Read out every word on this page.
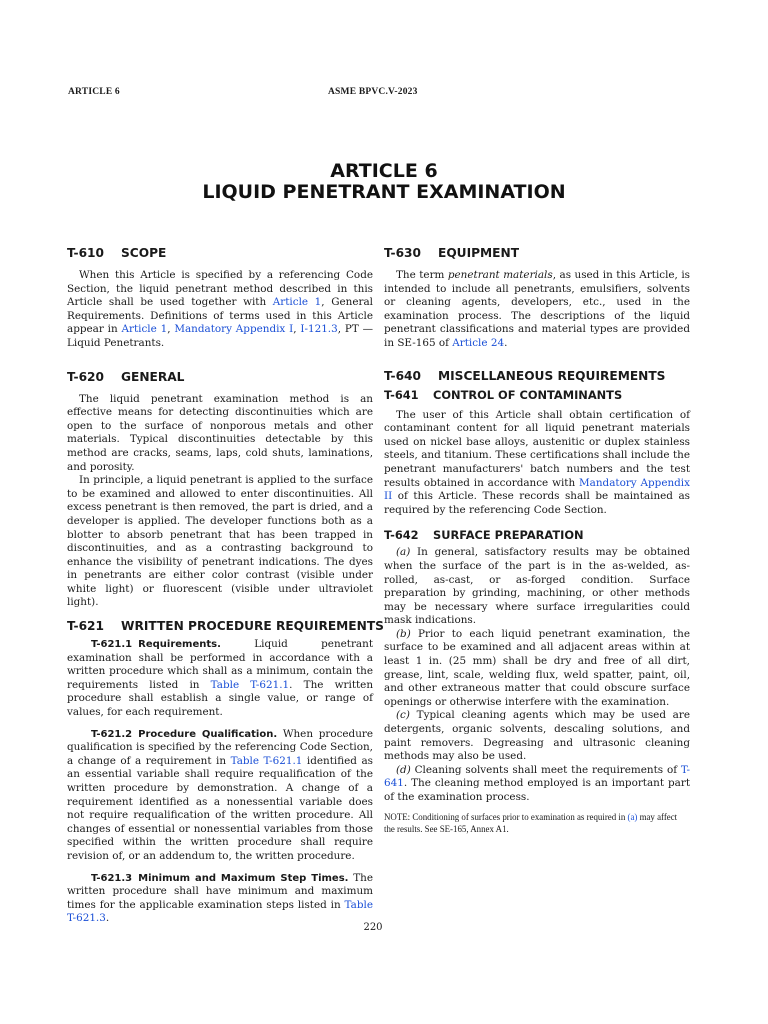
ARTICLE 6	ASME BPVC.V-2023
ARTICLE 6
LIQUID PENETRANT EXAMINATION
T-610 SCOPE

When this Article is specified by a referencing Code Section, the liquid penetrant method described in this Article shall be used together with Article 1, General Requirements. Definitions of terms used in this Article appear in Article 1, Mandatory Appendix I, I-121.3, PT — Liquid Penetrants.

T-620 GENERAL

The liquid penetrant examination method is an effective means for detecting discontinuities which are open to the surface of nonporous metals and other materials. Typical discontinuities detectable by this method are cracks, seams, laps, cold shuts, laminations, and porosity.

In principle, a liquid penetrant is applied to the surface to be examined and allowed to enter discontinuities. All excess penetrant is then removed, the part is dried, and a developer is applied. The developer functions both as a blotter to absorb penetrant that has been trapped in discontinuities, and as a contrasting background to enhance the visibility of penetrant indications. The dyes in penetrants are either color contrast (visible under white light) or fluorescent (visible under ultraviolet light).

T-621 WRITTEN PROCEDURE REQUIREMENTS

T-621.1 Requirements. Liquid penetrant examination shall be performed in accordance with a written procedure which shall as a minimum, contain the requirements listed in Table T-621.1. The written procedure shall establish a single value, or range of values, for each requirement.

T-621.2 Procedure Qualification. When procedure qualification is specified by the referencing Code Section, a change of a requirement in Table T-621.1 identified as an essential variable shall require requalification of the written procedure by demonstration. A change of a requirement identified as a nonessential variable does not require requalification of the written procedure. All changes of essential or nonessential variables from those specified within the written procedure shall require revision of, or an addendum to, the written procedure.

T-621.3 Minimum and Maximum Step Times. The written procedure shall have minimum and maximum times for the applicable examination steps listed in Table T-621.3.

T-630 EQUIPMENT

The term penetrant materials, as used in this Article, is intended to include all penetrants, emulsifiers, solvents or cleaning agents, developers, etc., used in the examination process. The descriptions of the liquid penetrant classifications and material types are provided in SE-165 of Article 24.

T-640 MISCELLANEOUS REQUIREMENTS
T-641 CONTROL OF CONTAMINANTS

The user of this Article shall obtain certification of contaminant content for all liquid penetrant materials used on nickel base alloys, austenitic or duplex stainless steels, and titanium. These certifications shall include the penetrant manufacturers' batch numbers and the test results obtained in accordance with Mandatory Appendix II of this Article. These records shall be maintained as required by the referencing Code Section.

T-642 SURFACE PREPARATION

(a) In general, satisfactory results may be obtained when the surface of the part is in the as-welded, as-rolled, as-cast, or as-forged condition. Surface preparation by grinding, machining, or other methods may be necessary where surface irregularities could mask indications.

(b) Prior to each liquid penetrant examination, the surface to be examined and all adjacent areas within at least 1 in. (25 mm) shall be dry and free of all dirt, grease, lint, scale, welding flux, weld spatter, paint, oil, and other extraneous matter that could obscure surface openings or otherwise interfere with the examination.

(c) Typical cleaning agents which may be used are detergents, organic solvents, descaling solutions, and paint removers. Degreasing and ultrasonic cleaning methods may also be used.

(d) Cleaning solvents shall meet the requirements of T-641. The cleaning method employed is an important part of the examination process.

NOTE: Conditioning of surfaces prior to examination as required in (a) may affect the results. See SE-165, Annex A1.

220
